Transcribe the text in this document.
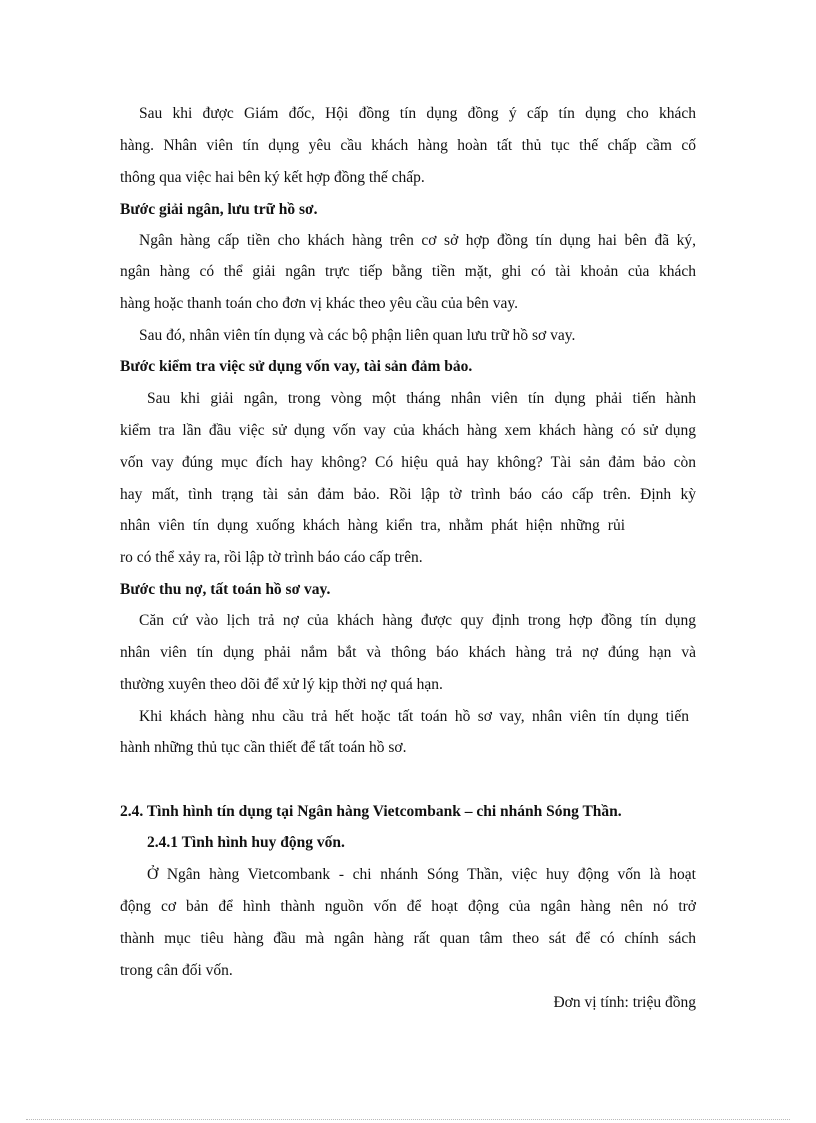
Sau khi được Giám đốc, Hội đồng tín dụng đồng ý cấp tín dụng cho khách
hàng. Nhân viên tín dụng yêu cầu khách hàng hoàn tất thủ tục thế chấp cầm cố
thông qua việc hai bên ký kết hợp đồng thế chấp.
Bước giải ngân, lưu trữ hồ sơ.
Ngân hàng cấp tiền cho khách hàng trên cơ sở hợp đồng tín dụng hai bên đã ký,
ngân hàng có thể giải ngân trực tiếp bằng tiền mặt, ghi có tài khoản của khách
hàng hoặc thanh toán cho đơn vị khác theo yêu cầu của bên vay.
Sau đó, nhân viên tín dụng và các bộ phận liên quan lưu trữ hồ sơ vay.
Bước kiểm tra việc sử dụng vốn vay, tài sản đảm bảo.
Sau khi giải ngân, trong vòng một tháng nhân viên tín dụng phải tiến hành
kiểm tra lần đầu việc sử dụng vốn vay của khách hàng xem khách hàng có sử dụng
vốn vay đúng mục đích hay không? Có hiệu quả hay không? Tài sản đảm bảo còn
hay mất, tình trạng tài sản đảm bảo. Rồi lập tờ trình báo cáo cấp trên. Định kỳ
nhân viên tín dụng xuống khách hàng kiển tra, nhằm phát hiện những rủi
ro có thể xảy ra, rồi lập tờ trình báo cáo cấp trên.
Bước thu nợ, tất toán hồ sơ vay.
Căn cứ vào lịch trả nợ của khách hàng được quy định trong hợp đồng tín dụng
nhân viên tín dụng phải nắm bắt và thông báo khách hàng trả nợ đúng hạn và
thường xuyên theo dõi để xử lý kịp thời nợ quá hạn.
Khi khách hàng nhu cầu trả hết hoặc tất toán hồ sơ vay, nhân viên tín dụng tiến
hành những thủ tục cần thiết để tất toán hồ sơ.
2.4. Tình hình tín dụng tại Ngân hàng Vietcombank – chi nhánh Sóng Thần.
2.4.1 Tình hình huy động vốn.
Ở Ngân hàng Vietcombank - chi nhánh Sóng Thần, việc huy động vốn là hoạt
động cơ bản để hình thành nguồn vốn để hoạt động của ngân hàng nên nó trở
thành mục tiêu hàng đầu mà ngân hàng rất quan tâm theo sát để có chính sách
trong cân đối vốn.
Đơn vị tính: triệu đồng
